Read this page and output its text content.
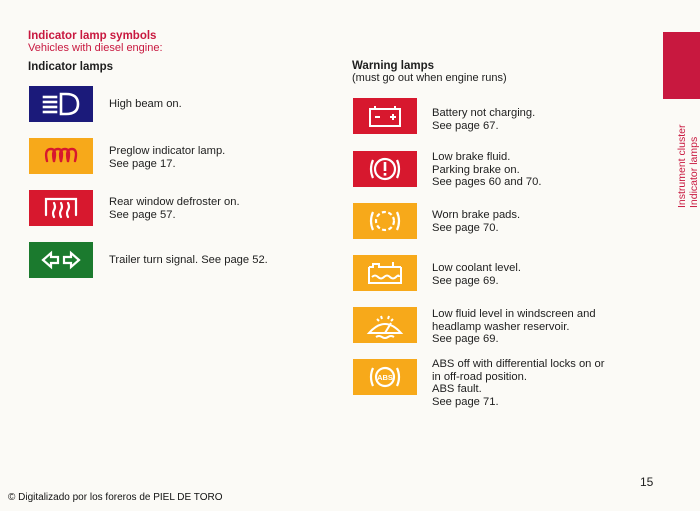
Indicator lamp symbols
Vehicles with diesel engine:
Indicator lamps
High beam on.
Preglow indicator lamp.
See page 17.
Rear window defroster on.
See page 57.
Trailer turn signal. See page 52.
Warning lamps
(must go out when engine runs)
Battery not charging.
See page 67.
Low brake fluid.
Parking brake on.
See pages 60 and 70.
Worn brake pads.
See page 70.
Low coolant level.
See page 69.
Low fluid level in windscreen and
headlamp washer reservoir.
See page 69.
ABS
ABS off with differential locks on or
in off-road position.
ABS fault.
See page 71.
Instrument cluster Indicator lamps
15
© Digitalizado por los foreros de PIEL DE TORO
